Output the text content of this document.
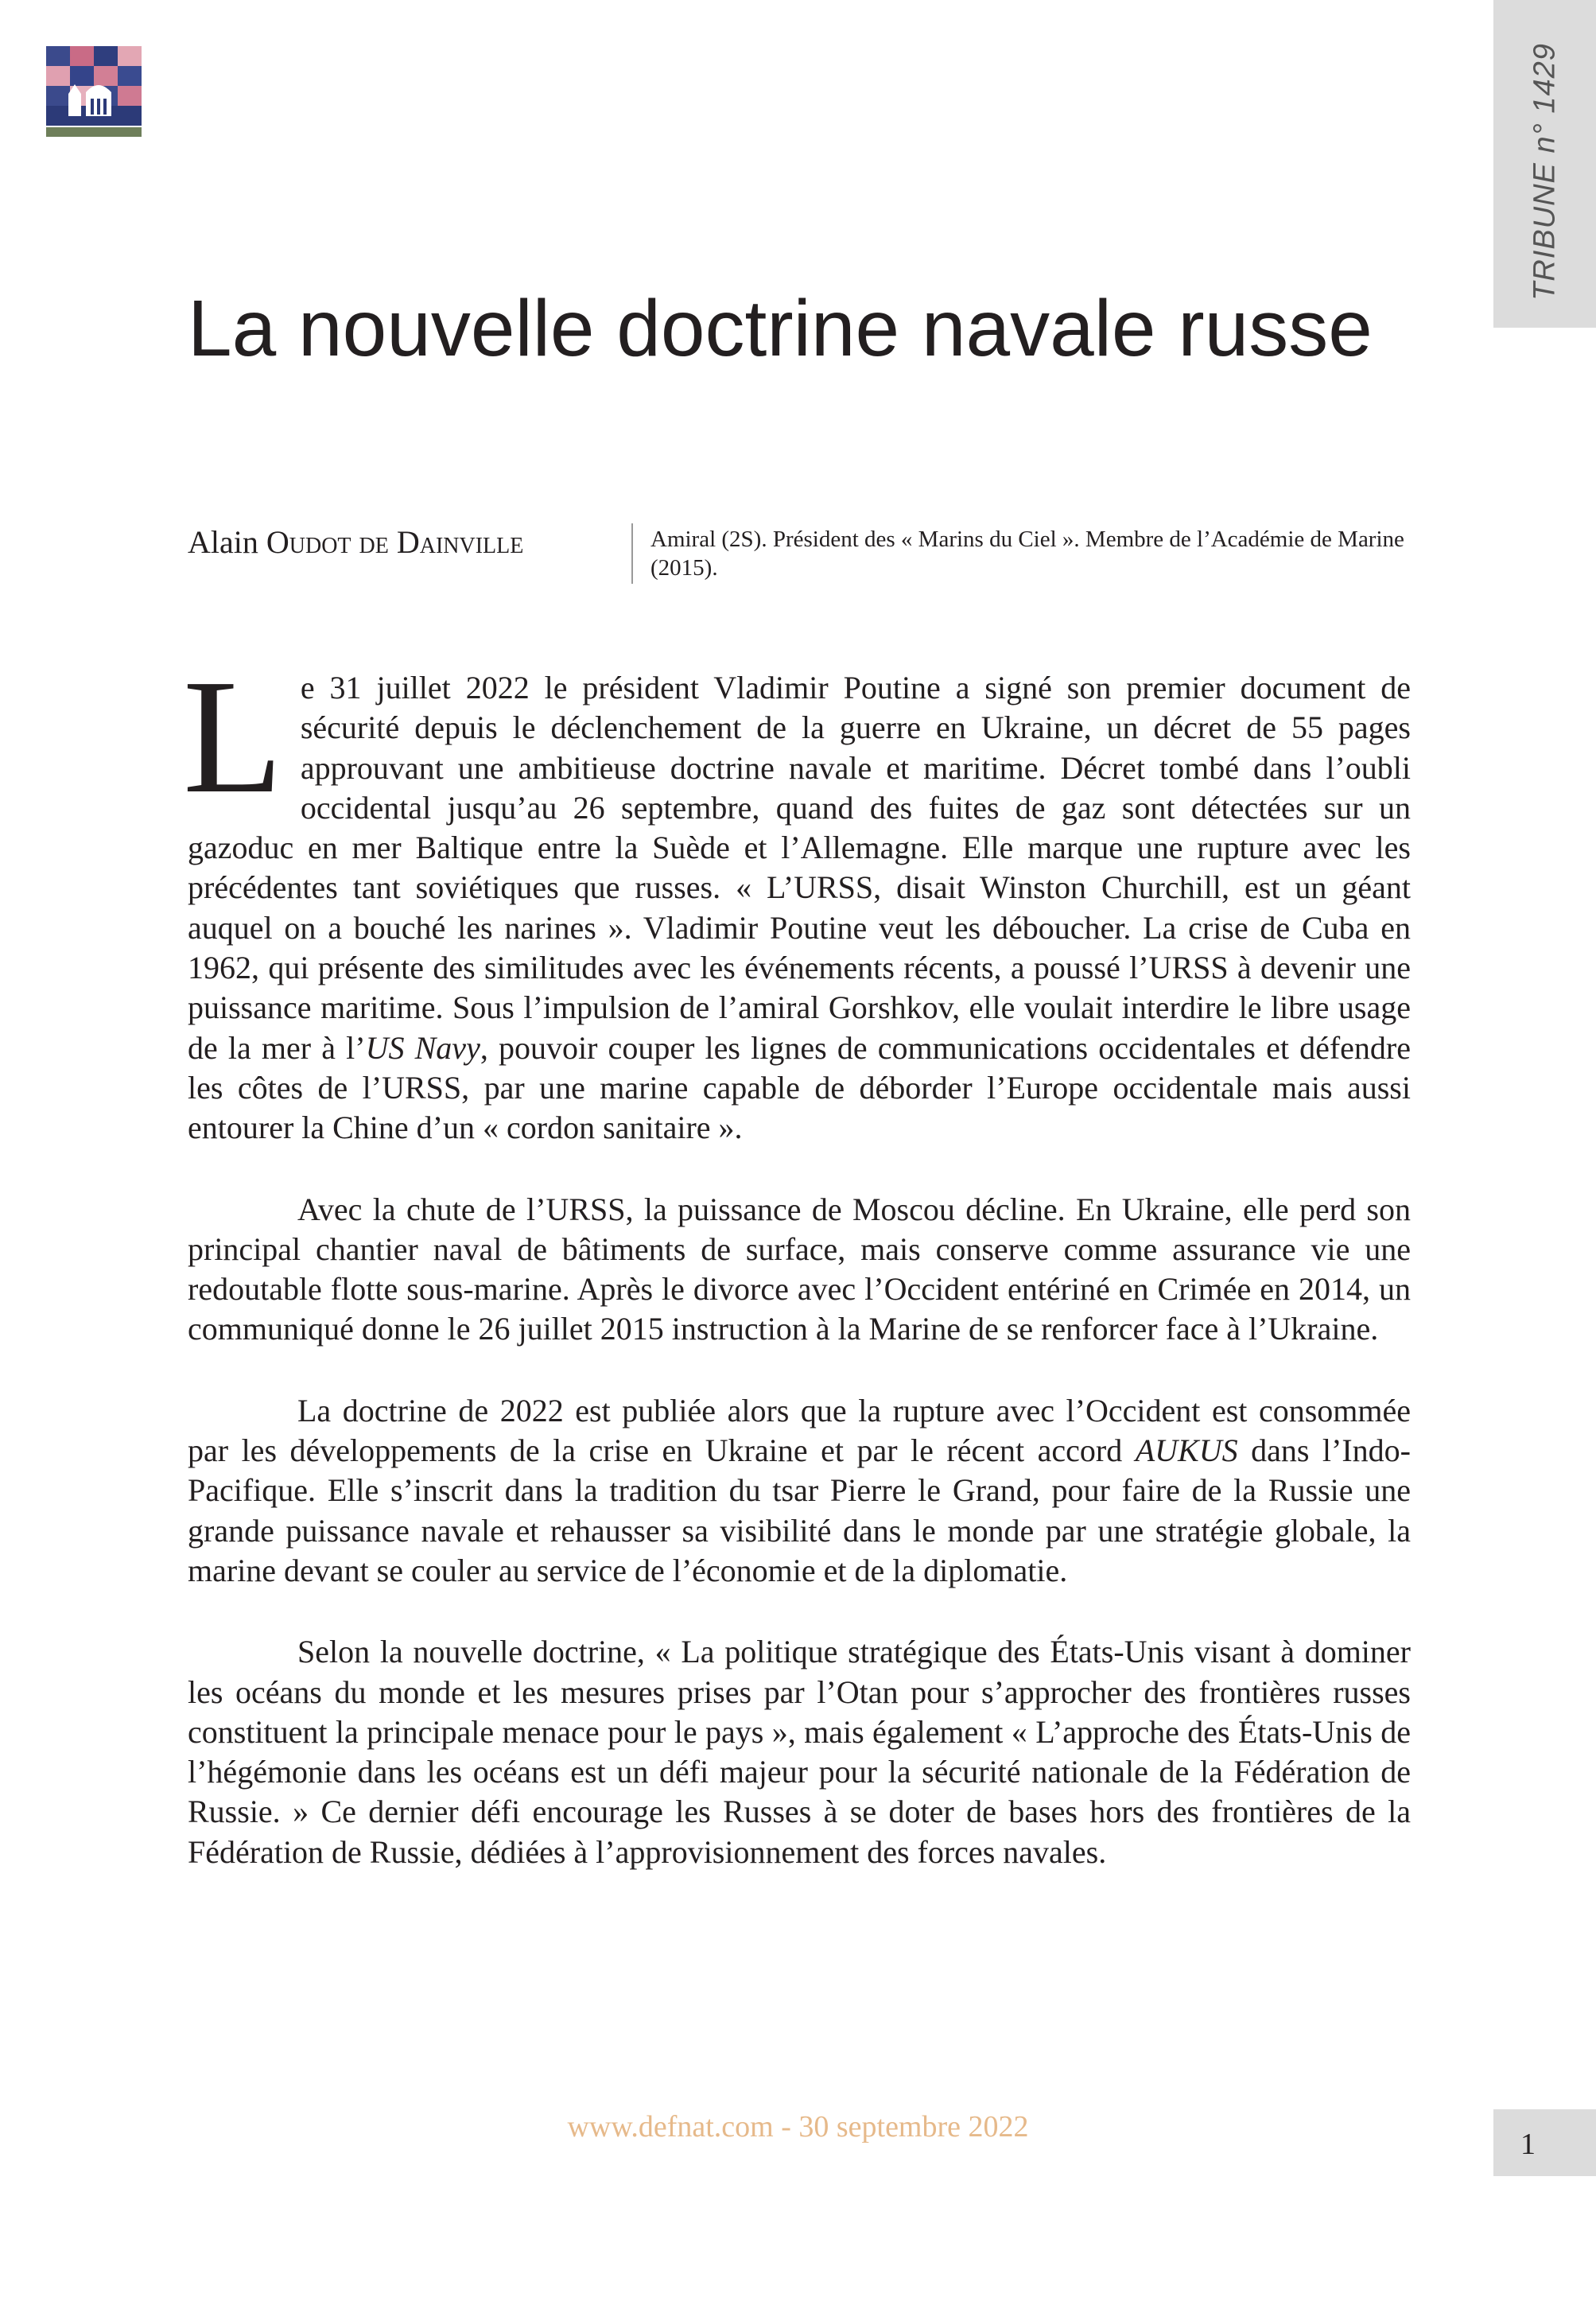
TRIBUNE n° 1429
La nouvelle doctrine navale russe
Alain Oudot de Dainville	Amiral (2S). Président des « Marins du Ciel ». Membre de l’Académie de Marine (2015).

Le 31 juillet 2022 le président Vladimir Poutine a signé son premier document de sécurité depuis le déclenchement de la guerre en Ukraine, un décret de 55 pages approuvant une ambitieuse doctrine navale et maritime. Décret tombé dans l’oubli occidental jusqu’au 26 septembre, quand des fuites de gaz sont détectées sur un gazoduc en mer Baltique entre la Suède et l’Allemagne. Elle marque une rupture avec les précédentes tant soviétiques que russes. « L’URSS, disait Winston Churchill, est un géant auquel on a bouché les narines ». Vladimir Poutine veut les déboucher. La crise de Cuba en 1962, qui présente des similitudes avec les événements récents, a poussé l’URSS à devenir une puissance maritime. Sous l’impulsion de l’amiral Gorshkov, elle voulait interdire le libre usage de la mer à l’US Navy, pouvoir couper les lignes de communications occidentales et défendre les côtes de l’URSS, par une marine capable de déborder l’Europe occidentale mais aussi entourer la Chine d’un « cordon sanitaire ».

Avec la chute de l’URSS, la puissance de Moscou décline. En Ukraine, elle perd son principal chantier naval de bâtiments de surface, mais conserve comme assurance vie une redoutable flotte sous-marine. Après le divorce avec l’Occident entériné en Crimée en 2014, un communiqué donne le 26 juillet 2015 instruction à la Marine de se renforcer face à l’Ukraine.

La doctrine de 2022 est publiée alors que la rupture avec l’Occident est consommée par les développements de la crise en Ukraine et par le récent accord AUKUS dans l’Indo-Pacifique. Elle s’inscrit dans la tradition du tsar Pierre le Grand, pour faire de la Russie une grande puissance navale et rehausser sa visibilité dans le monde par une stratégie globale, la marine devant se couler au service de l’économie et de la diplomatie.

Selon la nouvelle doctrine, « La politique stratégique des États-Unis visant à dominer les océans du monde et les mesures prises par l’Otan pour s’approcher des frontières russes constituent la principale menace pour le pays », mais également « L’approche des États-Unis de l’hégémonie dans les océans est un défi majeur pour la sécurité nationale de la Fédération de Russie. » Ce dernier défi encourage les Russes à se doter de bases hors des frontières de la Fédération de Russie, dédiées à l’approvisionnement des forces navales.

www.defnat.com - 30 septembre 2022
1
